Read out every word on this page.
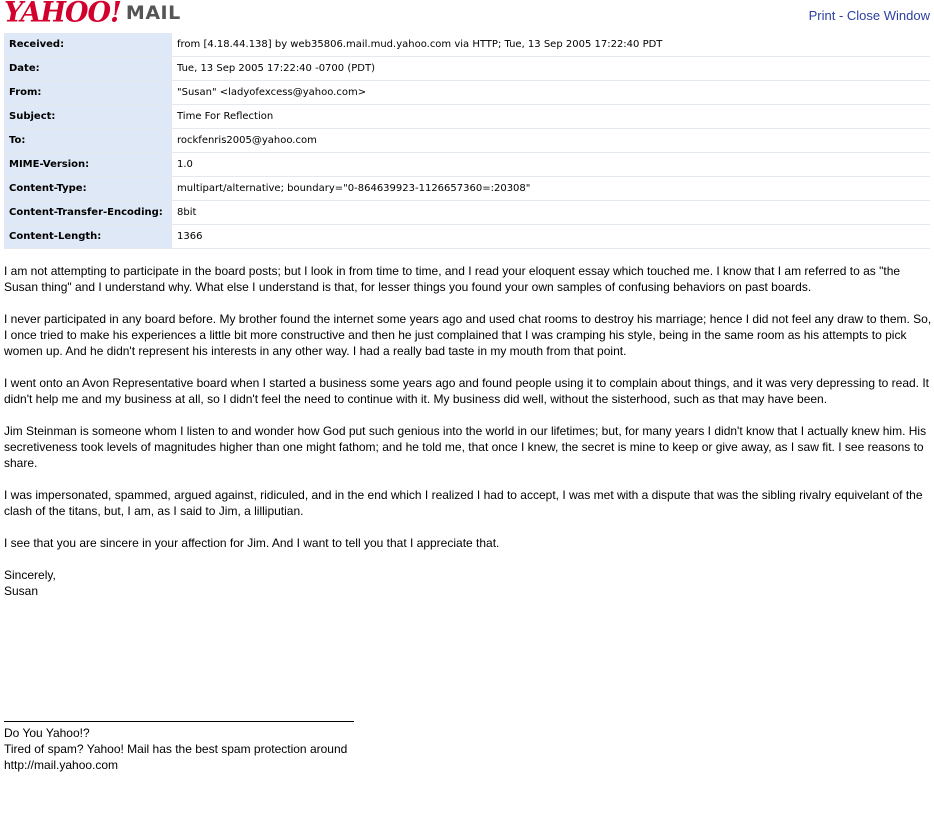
YAHOO! MAIL	Print - Close Window
Received:	from [4.18.44.138] by web35806.mail.mud.yahoo.com via HTTP; Tue, 13 Sep 2005 17:22:40 PDT
Date:	Tue, 13 Sep 2005 17:22:40 -0700 (PDT)
From:	"Susan" <ladyofexcess@yahoo.com>
Subject:	Time For Reflection
To:	rockfenris2005@yahoo.com
MIME-Version:	1.0
Content-Type:	multipart/alternative; boundary="0-864639923-1126657360=:20308"
Content-Transfer-Encoding:	8bit
Content-Length:	1366

I am not attempting to participate in the board posts; but I look in from time to time, and I read your eloquent essay which touched me. I know that I am referred to as "the Susan thing" and I understand why. What else I understand is that, for lesser things you found your own samples of confusing behaviors on past boards.

I never participated in any board before. My brother found the internet some years ago and used chat rooms to destroy his marriage; hence I did not feel any draw to them. So, I once tried to make his experiences a little bit more constructive and then he just complained that I was cramping his style, being in the same room as his attempts to pick women up. And he didn't represent his interests in any other way. I had a really bad taste in my mouth from that point.

I went onto an Avon Representative board when I started a business some years ago and found people using it to complain about things, and it was very depressing to read. It didn't help me and my business at all, so I didn't feel the need to continue with it. My business did well, without the sisterhood, such as that may have been.

Jim Steinman is someone whom I listen to and wonder how God put such genious into the world in our lifetimes; but, for many years I didn't know that I actually knew him. His secretiveness took levels of magnitudes higher than one might fathom; and he told me, that once I knew, the secret is mine to keep or give away, as I saw fit. I see reasons to share.

I was impersonated, spammed, argued against, ridiculed, and in the end which I realized I had to accept, I was met with a dispute that was the sibling rivalry equivelant of the clash of the titans, but, I am, as I said to Jim, a lilliputian.

I see that you are sincere in your affection for Jim. And I want to tell you that I appreciate that.

Sincerely,
Susan
Do You Yahoo!?
Tired of spam? Yahoo! Mail has the best spam protection around
http://mail.yahoo.com
